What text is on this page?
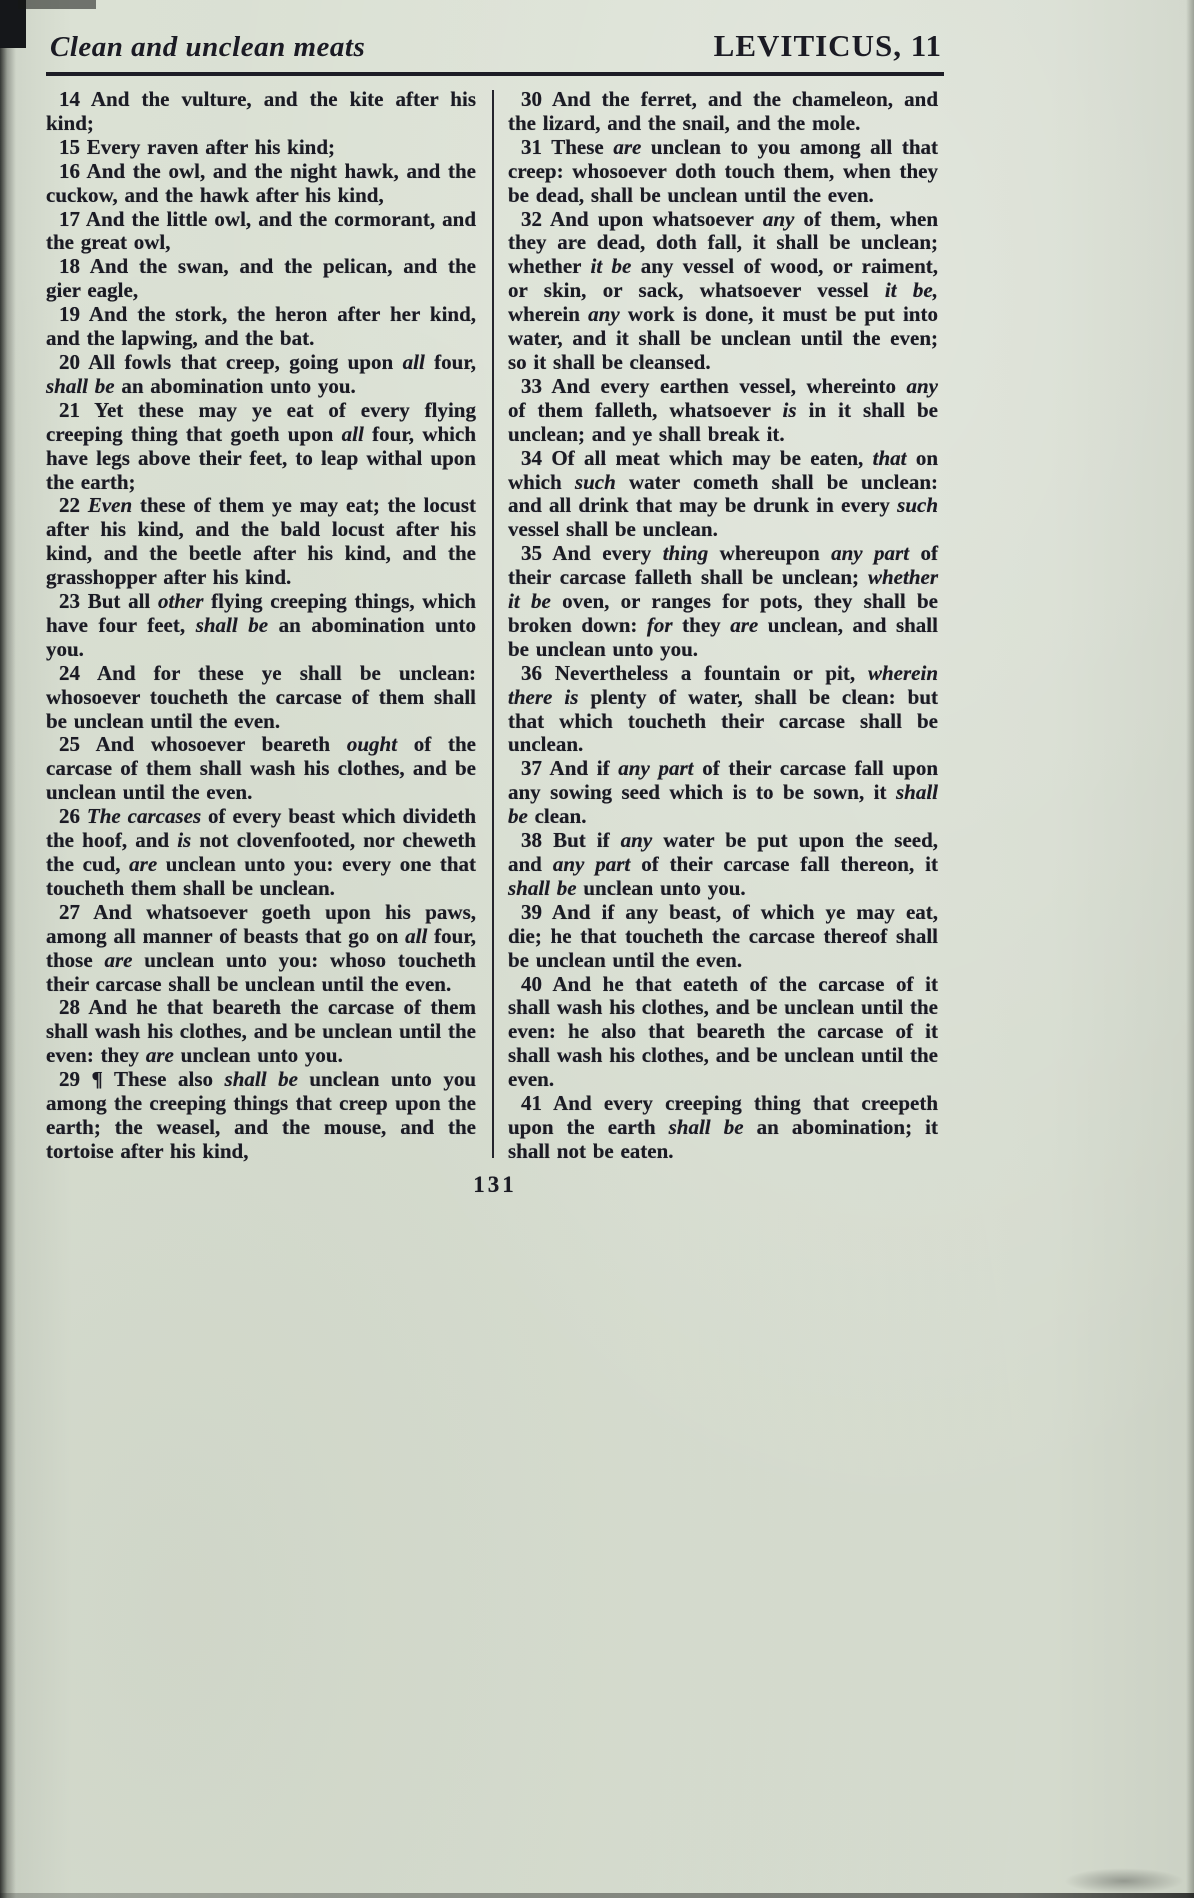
Clean and unclean meats	LEVITICUS, 11

14 And the vulture, and the kite after his kind;

15 Every raven after his kind;

16 And the owl, and the night hawk, and the cuckow, and the hawk after his kind,

17 And the little owl, and the cormorant, and the great owl,

18 And the swan, and the pelican, and the gier eagle,

19 And the stork, the heron after her kind, and the lapwing, and the bat.

20 All fowls that creep, going upon all four, shall be an abomination unto you.

21 Yet these may ye eat of every flying creeping thing that goeth upon all four, which have legs above their feet, to leap withal upon the earth;

22 Even these of them ye may eat; the locust after his kind, and the bald locust after his kind, and the beetle after his kind, and the grasshopper after his kind.

23 But all other flying creeping things, which have four feet, shall be an abomination unto you.

24 And for these ye shall be unclean: whosoever toucheth the carcase of them shall be unclean until the even.

25 And whosoever beareth ought of the carcase of them shall wash his clothes, and be unclean until the even.

26 The carcases of every beast which divideth the hoof, and is not clovenfooted, nor cheweth the cud, are unclean unto you: every one that toucheth them shall be unclean.

27 And whatsoever goeth upon his paws, among all manner of beasts that go on all four, those are unclean unto you: whoso toucheth their carcase shall be unclean until the even.

28 And he that beareth the carcase of them shall wash his clothes, and be unclean until the even: they are unclean unto you.

29 ¶ These also shall be unclean unto you among the creeping things that creep upon the earth; the weasel, and the mouse, and the tortoise after his kind,

30 And the ferret, and the chameleon, and the lizard, and the snail, and the mole.

31 These are unclean to you among all that creep: whosoever doth touch them, when they be dead, shall be unclean until the even.

32 And upon whatsoever any of them, when they are dead, doth fall, it shall be unclean; whether it be any vessel of wood, or raiment, or skin, or sack, whatsoever vessel it be, wherein any work is done, it must be put into water, and it shall be unclean until the even; so it shall be cleansed.

33 And every earthen vessel, whereinto any of them falleth, whatsoever is in it shall be unclean; and ye shall break it.

34 Of all meat which may be eaten, that on which such water cometh shall be unclean: and all drink that may be drunk in every such vessel shall be unclean.

35 And every thing whereupon any part of their carcase falleth shall be unclean; whether it be oven, or ranges for pots, they shall be broken down: for they are unclean, and shall be unclean unto you.

36 Nevertheless a fountain or pit, wherein there is plenty of water, shall be clean: but that which toucheth their carcase shall be unclean.

37 And if any part of their carcase fall upon any sowing seed which is to be sown, it shall be clean.

38 But if any water be put upon the seed, and any part of their carcase fall thereon, it shall be unclean unto you.

39 And if any beast, of which ye may eat, die; he that toucheth the carcase thereof shall be unclean until the even.

40 And he that eateth of the carcase of it shall wash his clothes, and be unclean until the even: he also that beareth the carcase of it shall wash his clothes, and be unclean until the even.

41 And every creeping thing that creepeth upon the earth shall be an abomination; it shall not be eaten.

131
